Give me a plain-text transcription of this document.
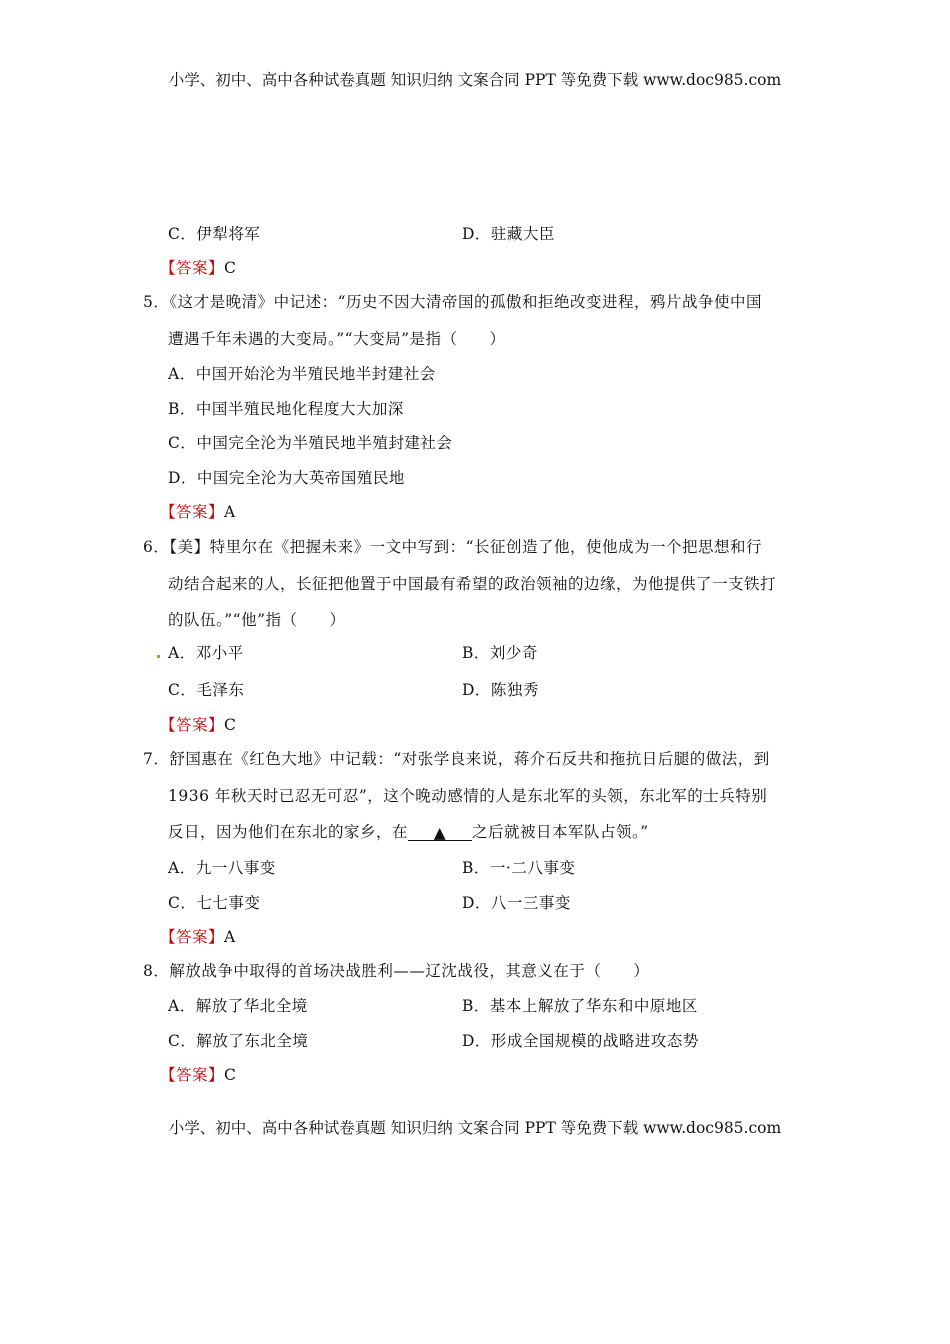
小学、初中、高中各种试卷真题 知识归纳 文案合同 PPT 等免费下载 www.doc985.com
C．伊犁将军	D．驻藏大臣
【答案】C
5．《这才是晚清》中记述：“历史不因大清帝国的孤傲和拒绝改变进程，鸦片战争使中国
遭遇千年未遇的大变局。”“大变局”是指（　　）
A．中国开始沦为半殖民地半封建社会
B．中国半殖民地化程度大大加深
C．中国完全沦为半殖民地半殖封建社会
D．中国完全沦为大英帝国殖民地
【答案】A
6．【美】特里尔在《把握未来》一文中写到：“长征创造了他，使他成为一个把思想和行
动结合起来的人，长征把他置于中国最有希望的政治领袖的边缘，为他提供了一支铁打
的队伍。”“他”指（　　）
A．邓小平	B．刘少奇
C．毛泽东	D．陈独秀
【答案】C
7．舒国惠在《红色大地》中记载：“对张学良来说，蒋介石反共和拖抗日后腿的做法，到
1936 年秋天时已忍无可忍”，这个晚动感情的人是东北军的头领，东北军的士兵特别
反日，因为他们在东北的家乡，在 ▲ 之后就被日本军队占领。”
A．九一八事变	B．一·二八事变
C．七七事变	D．八一三事变
【答案】A
8．解放战争中取得的首场决战胜利——辽沈战役，其意义在于（　　）
A．解放了华北全境	B．基本上解放了华东和中原地区
C．解放了东北全境	D．形成全国规模的战略进攻态势
【答案】C
小学、初中、高中各种试卷真题 知识归纳 文案合同 PPT 等免费下载 www.doc985.com
